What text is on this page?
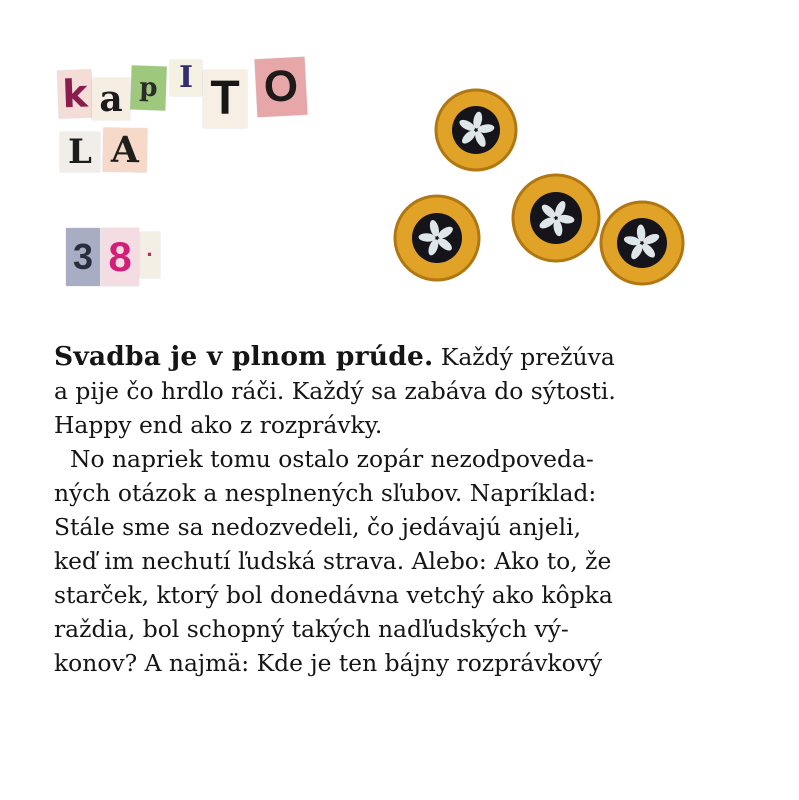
k a p I T O
L A
3 8 ·
Svadba je v plnom prúde. Každý prežúva
a pije čo hrdlo ráči. Každý sa zabáva do sýtosti.
Happy end ako z rozprávky.
No napriek tomu ostalo zopár nezodpoveda-
ných otázok a nesplnených sľubov. Napríklad:
Stále sme sa nedozvedeli, čo jedávajú anjeli,
keď im nechutí ľudská strava. Alebo: Ako to, že
starček, ktorý bol donedávna vetchý ako kôpka
raždia, bol schopný takých nadľudských vý-
konov? A najmä: Kde je ten bájny rozprávkový
